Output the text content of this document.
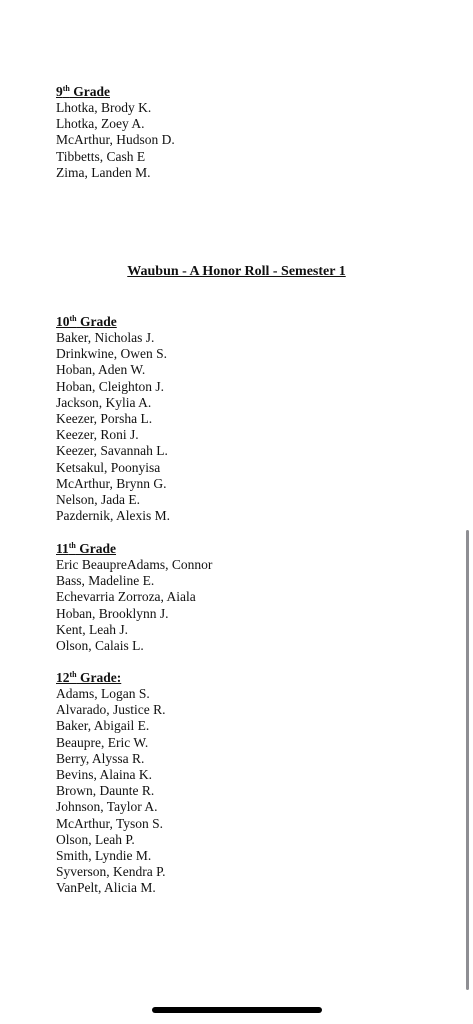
9th Grade
Lhotka, Brody K.
Lhotka, Zoey A.
McArthur, Hudson D.
Tibbetts, Cash E
Zima, Landen M.
Waubun - A Honor Roll - Semester 1
10th Grade
Baker, Nicholas J.
Drinkwine, Owen S.
Hoban, Aden W.
Hoban, Cleighton J.
Jackson, Kylia A.
Keezer, Porsha L.
Keezer, Roni J.
Keezer, Savannah L.
Ketsakul, Poonyisa
McArthur, Brynn G.
Nelson, Jada E.
Pazdernik, Alexis M.
11th Grade
Eric BeaupreAdams, Connor
Bass, Madeline E.
Echevarria Zorroza, Aiala
Hoban, Brooklynn J.
Kent, Leah J.
Olson, Calais L.
12th Grade:
Adams, Logan S.
Alvarado, Justice R.
Baker, Abigail E.
Beaupre, Eric W.
Berry, Alyssa R.
Bevins, Alaina K.
Brown, Daunte R.
Johnson, Taylor A.
McArthur, Tyson S.
Olson, Leah P.
Smith, Lyndie M.
Syverson, Kendra P.
VanPelt, Alicia M.
